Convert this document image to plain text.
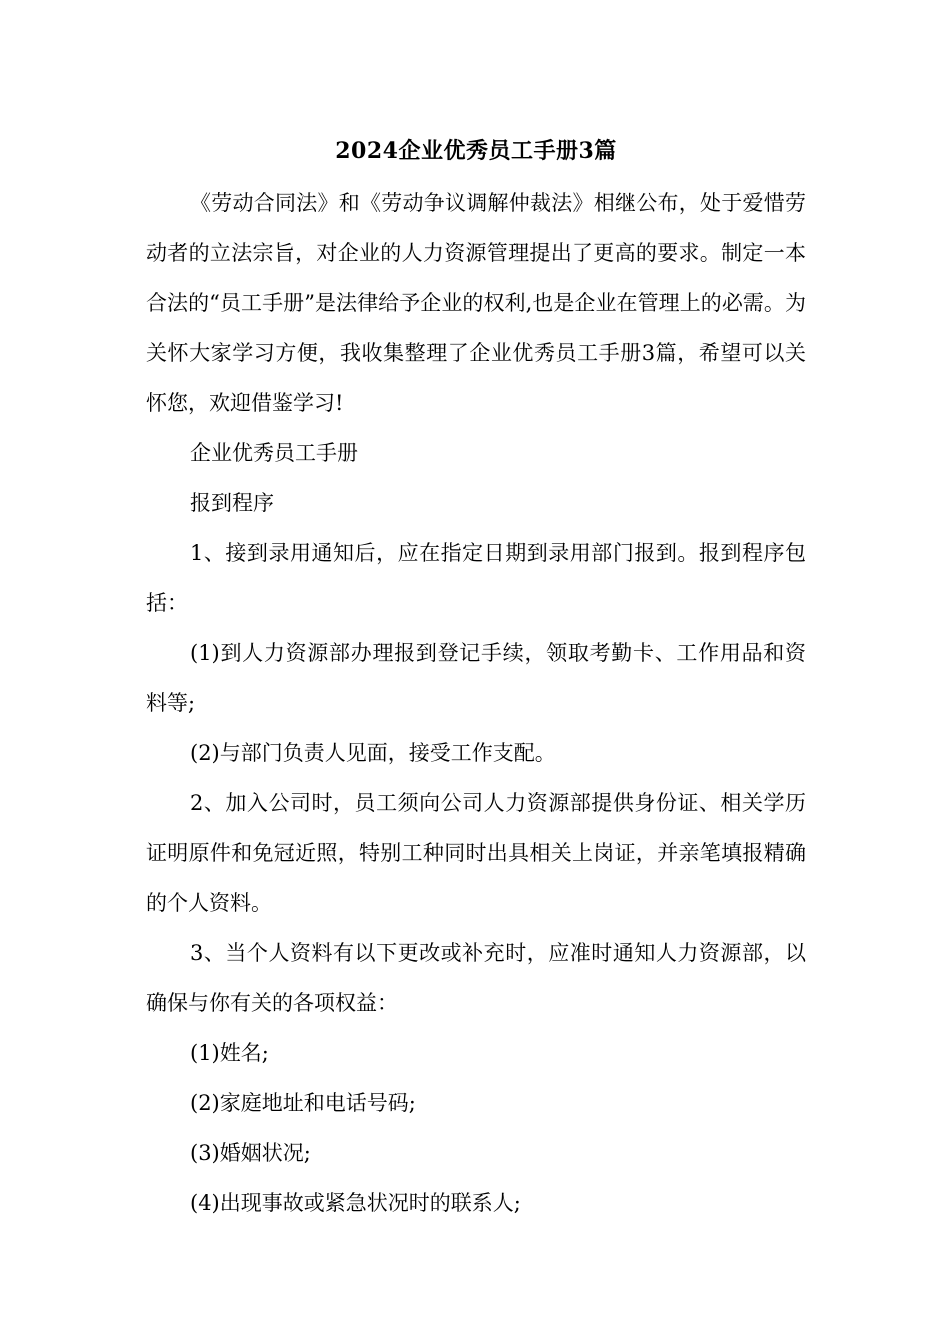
2024企业优秀员工手册3篇

《劳动合同法》和《劳动争议调解仲裁法》相继公布，处于爱惜劳动者的立法宗旨，对企业的人力资源管理提出了更高的要求。制定一本合法的“员工手册”是法律给予企业的权利,也是企业在管理上的必需。为关怀大家学习方便，我收集整理了企业优秀员工手册3篇，希望可以关怀您，欢迎借鉴学习!

企业优秀员工手册

报到程序

1、接到录用通知后，应在指定日期到录用部门报到。报到程序包括：

(1)到人力资源部办理报到登记手续，领取考勤卡、工作用品和资料等;

(2)与部门负责人见面，接受工作支配。

2、加入公司时，员工须向公司人力资源部提供身份证、相关学历证明原件和免冠近照，特别工种同时出具相关上岗证，并亲笔填报精确的个人资料。

3、当个人资料有以下更改或补充时，应准时通知人力资源部，以确保与你有关的各项权益：

(1)姓名;

(2)家庭地址和电话号码;

(3)婚姻状况;

(4)出现事故或紧急状况时的联系人;
